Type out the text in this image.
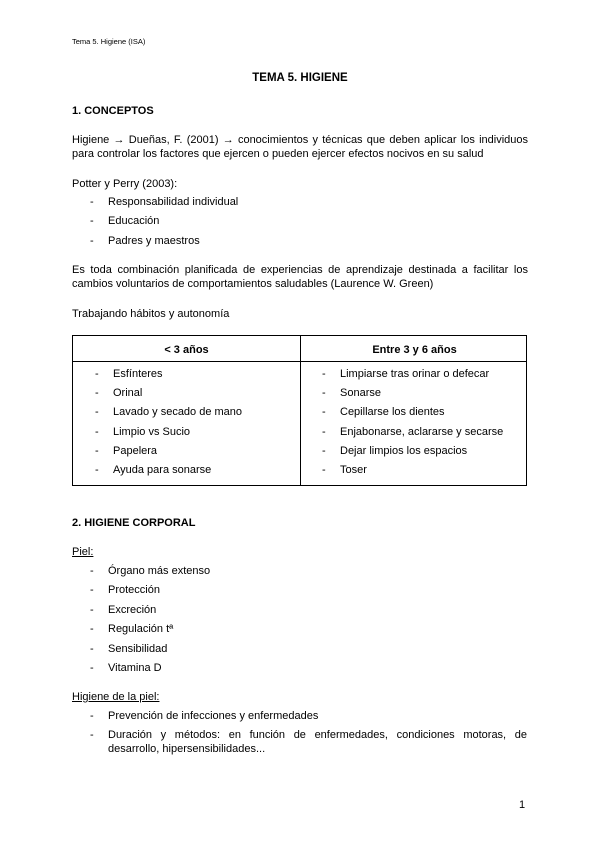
Tema 5. Higiene (ISA)
TEMA 5. HIGIENE
1. CONCEPTOS
Higiene → Dueñas, F. (2001) → conocimientos y técnicas que deben aplicar los individuos para controlar los factores que ejercen o pueden ejercer efectos nocivos en su salud
Potter y Perry (2003):
- Responsabilidad individual
- Educación
- Padres y maestros
Es toda combinación planificada de experiencias de aprendizaje destinada a facilitar los cambios voluntarios de comportamientos saludables (Laurence W. Green)
Trabajando hábitos y autonomía
< 3 años	Entre 3 y 6 años
- Esfínteres
- Orinal
- Lavado y secado de mano
- Limpio vs Sucio
- Papelera
- Ayuda para sonarse
- Limpiarse tras orinar o defecar
- Sonarse
- Cepillarse los dientes
- Enjabonarse, aclararse y secarse
- Dejar limpios los espacios
- Toser
2. HIGIENE CORPORAL
Piel:
- Órgano más extenso
- Protección
- Excreción
- Regulación tª
- Sensibilidad
- Vitamina D
Higiene de la piel:
- Prevención de infecciones y enfermedades
- Duración y métodos: en función de enfermedades, condiciones motoras, de desarrollo, hipersensibilidades...
1
